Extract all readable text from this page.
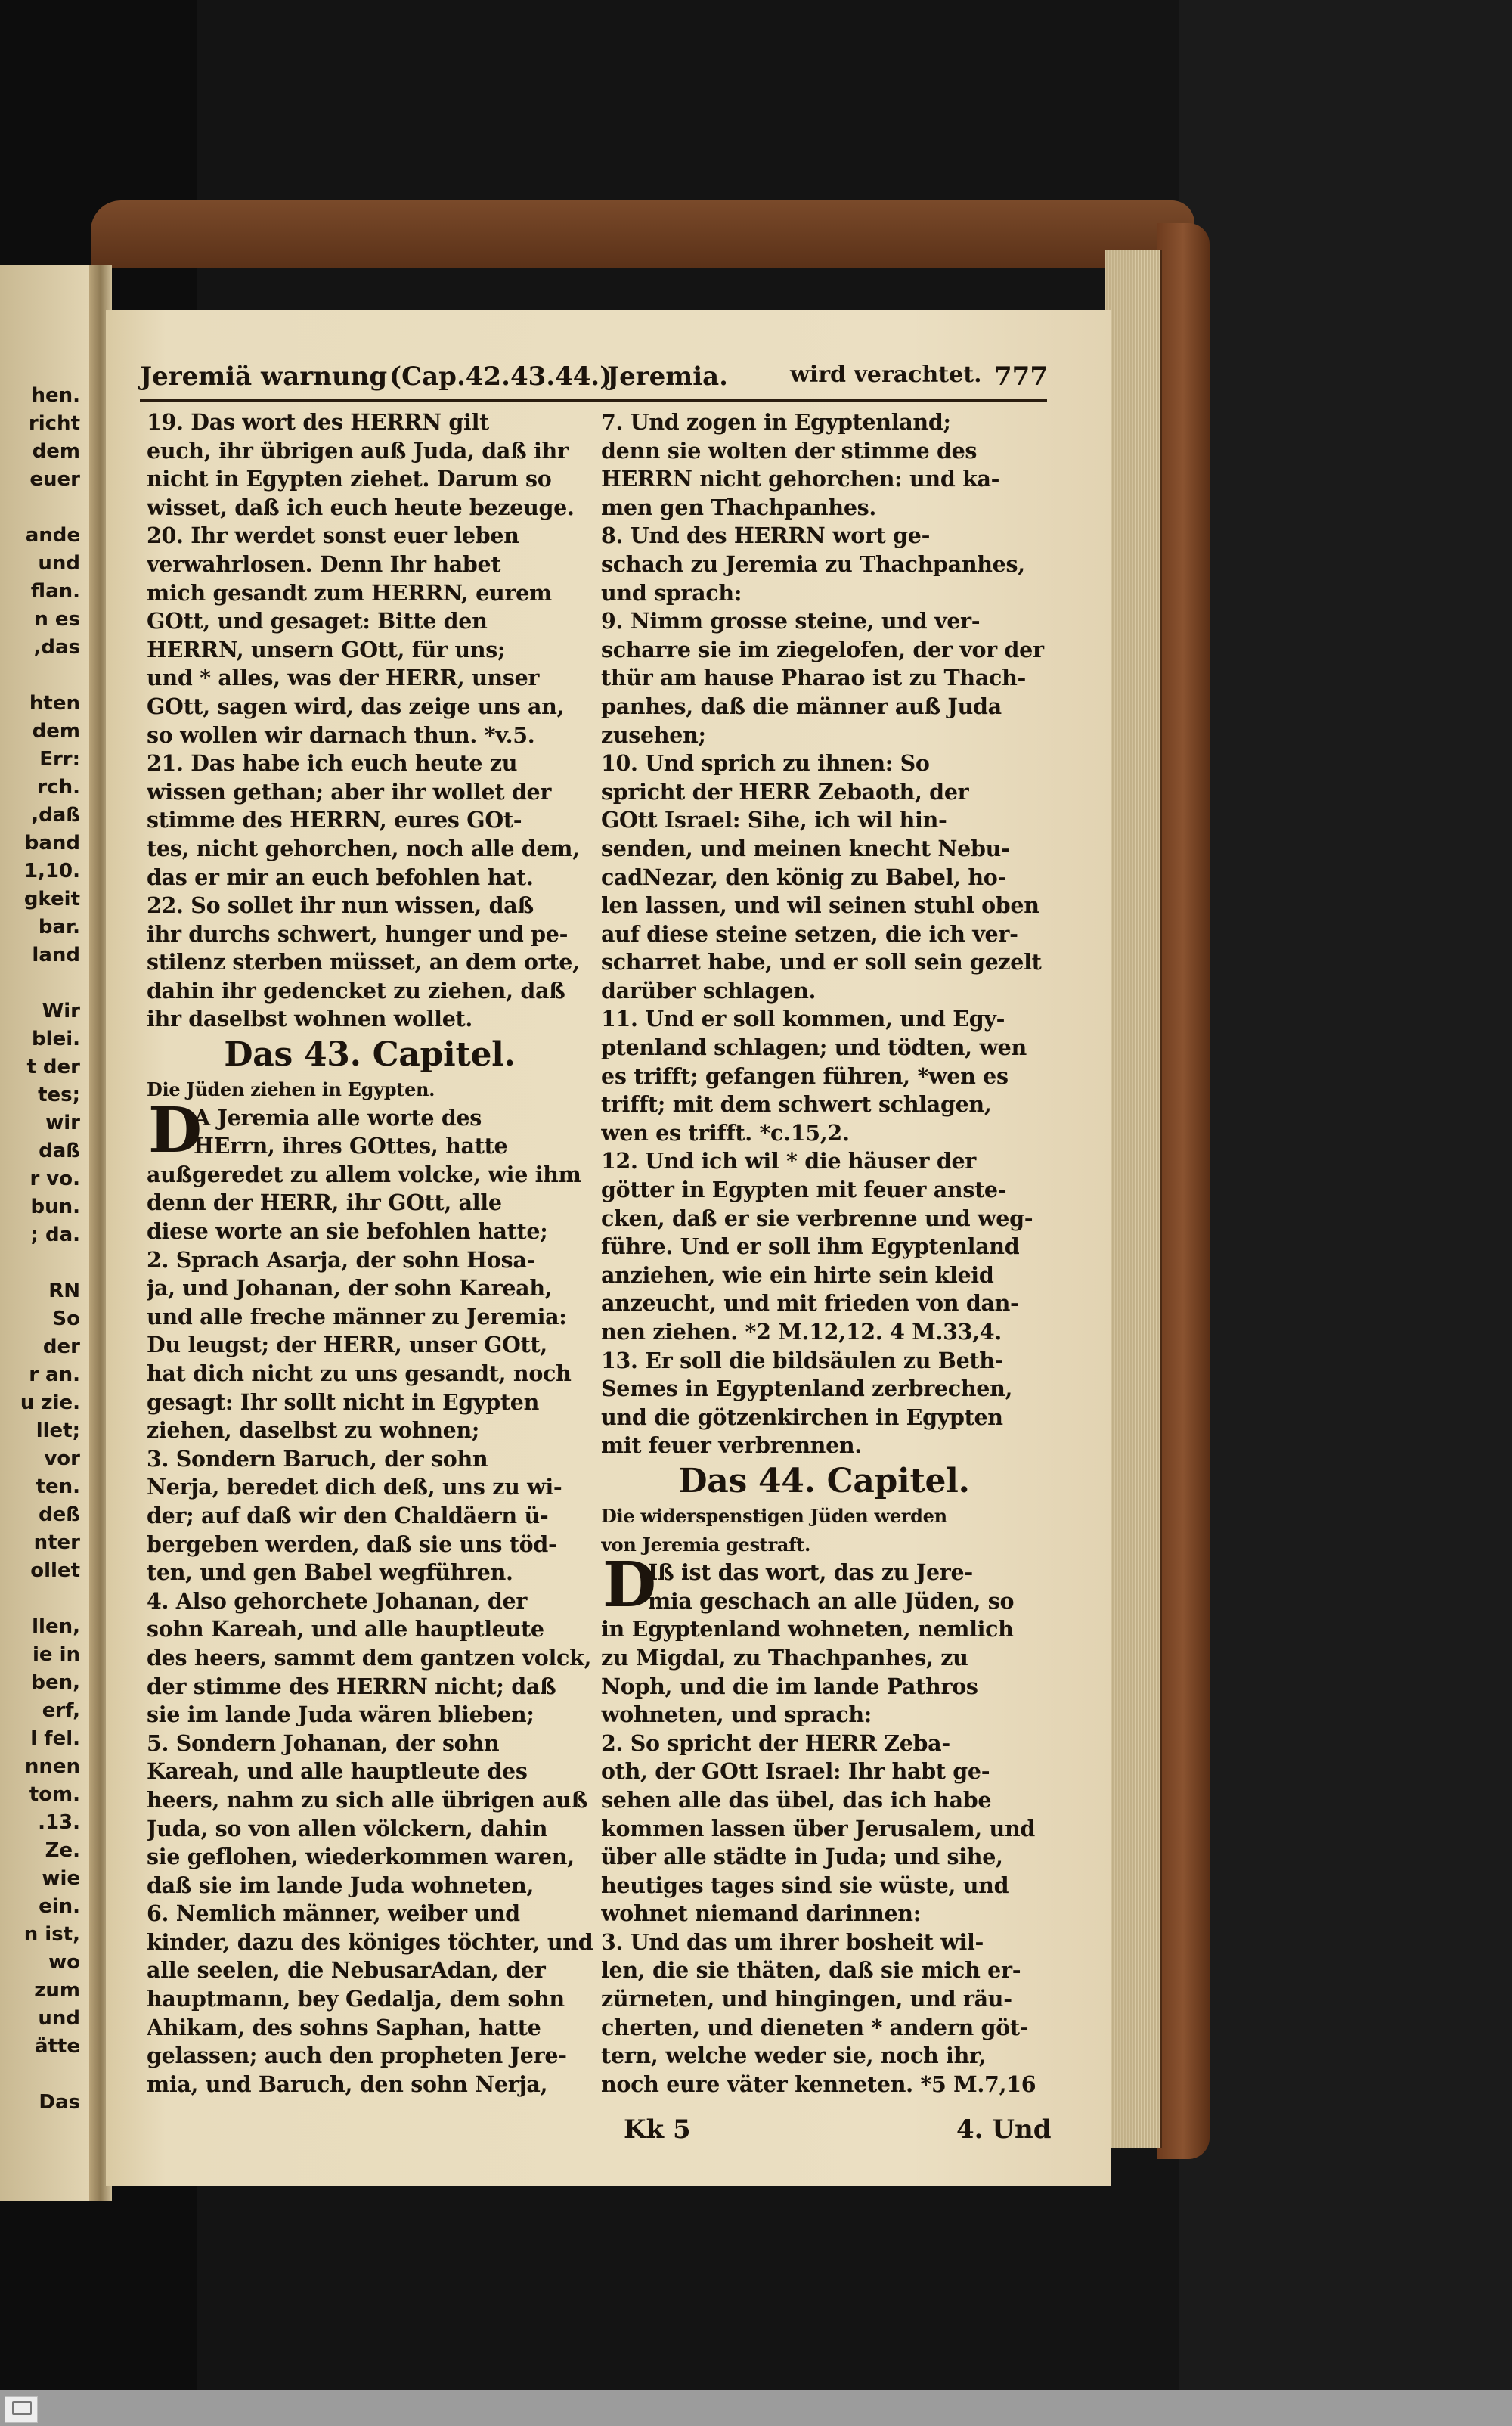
hen.
richt
dem
euer
ande
und
flan.
n es
,das
hten
dem
Err:
rch.
,daß
band
1,10.
gkeit
bar.
land
Wir
blei.
t der
tes;
wir
daß
r vo.
bun.
; da.
RN
So
der
r an.
u zie.
llet;
vor
ten.
deß
nter
ollet
llen,
ie in
ben,
erf,
l fel.
nnen
tom.
.13.
Ze.
wie
ein.
n ist,
wo
zum
und
ätte
Das
Jeremiä warnung (Cap.42.43.44.)
Jeremia.	wird verachtet. 777
19. Das wort des HERRN gilt
euch, ihr übrigen auß Juda, daß ihr
nicht in Egypten ziehet. Darum so
wisset, daß ich euch heute bezeuge.
20. Ihr werdet sonst euer leben
verwahrlosen. Denn Ihr habet
mich gesandt zum HERRN, eurem
GOtt, und gesaget: Bitte den
HERRN, unsern GOtt, für uns;
und * alles, was der HERR, unser
GOtt, sagen wird, das zeige uns an,
so wollen wir darnach thun. *v.5.
21. Das habe ich euch heute zu
wissen gethan; aber ihr wollet der
stimme des HERRN, eures GOt-
tes, nicht gehorchen, noch alle dem,
das er mir an euch befohlen hat.
22. So sollet ihr nun wissen, daß
ihr durchs schwert, hunger und pe-
stilenz sterben müsset, an dem orte,
dahin ihr gedencket zu ziehen, daß
ihr daselbst wohnen wollet.
Das 43. Capitel.
Die Jüden ziehen in Egypten.
D
A Jeremia alle worte des
HErrn, ihres GOttes, hatte
außgeredet zu allem volcke, wie ihm
denn der HERR, ihr GOtt, alle
diese worte an sie befohlen hatte;
2. Sprach Asarja, der sohn Hosa-
ja, und Johanan, der sohn Kareah,
und alle freche männer zu Jeremia:
Du leugst; der HERR, unser GOtt,
hat dich nicht zu uns gesandt, noch
gesagt: Ihr sollt nicht in Egypten
ziehen, daselbst zu wohnen;
3. Sondern Baruch, der sohn
Nerja, beredet dich deß, uns zu wi-
der; auf daß wir den Chaldäern ü-
bergeben werden, daß sie uns töd-
ten, und gen Babel wegführen.
4. Also gehorchete Johanan, der
sohn Kareah, und alle hauptleute
des heers, sammt dem gantzen volck,
der stimme des HERRN nicht; daß
sie im lande Juda wären blieben;
5. Sondern Johanan, der sohn
Kareah, und alle hauptleute des
heers, nahm zu sich alle übrigen auß
Juda, so von allen völckern, dahin
sie geflohen, wiederkommen waren,
daß sie im lande Juda wohneten,
6. Nemlich männer, weiber und
kinder, dazu des königes töchter, und
alle seelen, die NebusarAdan, der
hauptmann, bey Gedalja, dem sohn
Ahikam, des sohns Saphan, hatte
gelassen; auch den propheten Jere-
mia, und Baruch, den sohn Nerja,
7. Und zogen in Egyptenland;
denn sie wolten der stimme des
HERRN nicht gehorchen: und ka-
men gen Thachpanhes.
8. Und des HERRN wort ge-
schach zu Jeremia zu Thachpanhes,
und sprach:
9. Nimm grosse steine, und ver-
scharre sie im ziegelofen, der vor der
thür am hause Pharao ist zu Thach-
panhes, daß die männer auß Juda
zusehen;
10. Und sprich zu ihnen: So
spricht der HERR Zebaoth, der
GOtt Israel: Sihe, ich wil hin-
senden, und meinen knecht Nebu-
cadNezar, den könig zu Babel, ho-
len lassen, und wil seinen stuhl oben
auf diese steine setzen, die ich ver-
scharret habe, und er soll sein gezelt
darüber schlagen.
11. Und er soll kommen, und Egy-
ptenland schlagen; und tödten, wen
es trifft; gefangen führen, *wen es
trifft; mit dem schwert schlagen,
wen es trifft. *c.15,2.
12. Und ich wil * die häuser der
götter in Egypten mit feuer anste-
cken, daß er sie verbrenne und weg-
führe. Und er soll ihm Egyptenland
anziehen, wie ein hirte sein kleid
anzeucht, und mit frieden von dan-
nen ziehen. *2 M.12,12. 4 M.33,4.
13. Er soll die bildsäulen zu Beth-
Semes in Egyptenland zerbrechen,
und die götzenkirchen in Egypten
mit feuer verbrennen.
Das 44. Capitel.
Die widerspenstigen Jüden werden
von Jeremia gestraft.
D
Iß ist das wort, das zu Jere-
mia geschach an alle Jüden, so
in Egyptenland wohneten, nemlich
zu Migdal, zu Thachpanhes, zu
Noph, und die im lande Pathros
wohneten, und sprach:
2. So spricht der HERR Zeba-
oth, der GOtt Israel: Ihr habt ge-
sehen alle das übel, das ich habe
kommen lassen über Jerusalem, und
über alle städte in Juda; und sihe,
heutiges tages sind sie wüste, und
wohnet niemand darinnen:
3. Und das um ihrer bosheit wil-
len, die sie thäten, daß sie mich er-
zürneten, und hingingen, und räu-
cherten, und dieneten * andern göt-
tern, welche weder sie, noch ihr,
noch eure väter kenneten. *5 M.7,16
Kk 5	4. Und
